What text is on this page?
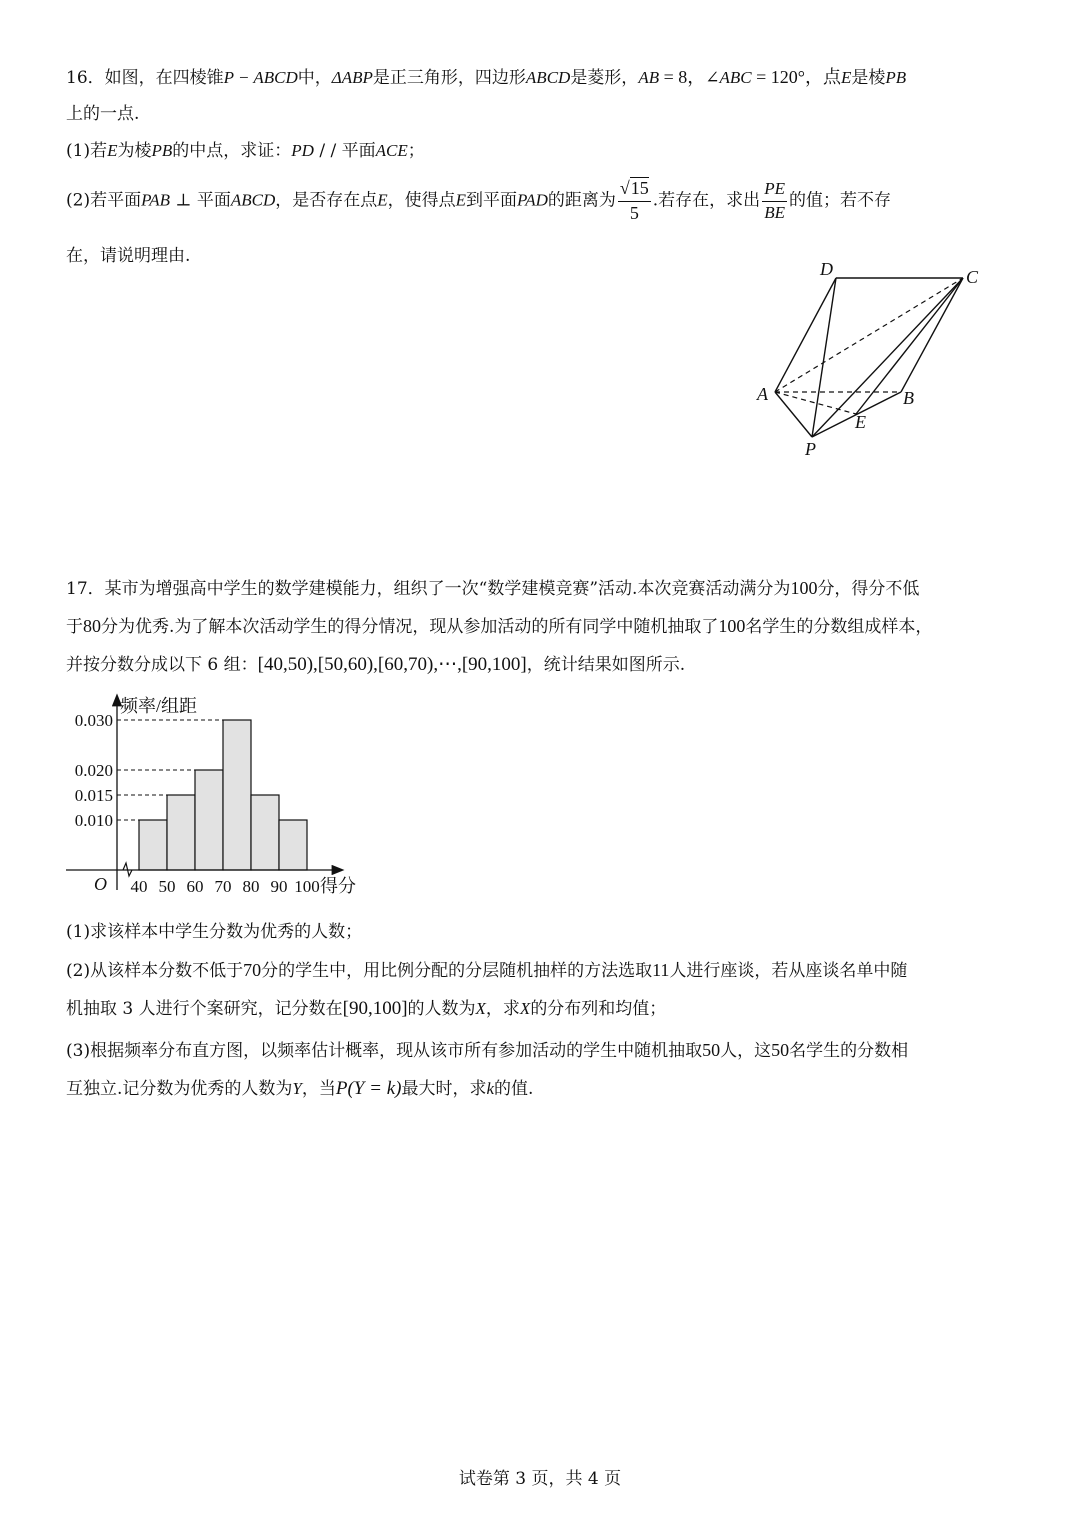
16．如图，在四棱锥P − ABCD中，ΔABP是正三角形，四边形ABCD是菱形，AB = 8，∠ABC = 120°，点E是棱PB
上的一点.
(1)若E为棱PB的中点，求证：PD / / 平面ACE；
(2)若平面PAB ⊥ 平面ABCD，是否存在点E，使得点E到平面PAD的距离为 $\frac{√15}{5}$ .若存在，求出 $\frac{PE}{BE}$ 的值；若不存
在，请说明理由.
D	C
A	B
E
P
17．某市为增强高中学生的数学建模能力，组织了一次“数学建模竞赛”活动.本次竞赛活动满分为100分，得分不低
于80分为优秀.为了解本次活动学生的得分情况，现从参加活动的所有同学中随机抽取了100名学生的分数组成样本，
并按分数分成以下 6 组：[40,50),[50,60),[60,70),⋯,[90,100]，统计结果如图所示.
0.030
0.020
0.015
0.010
频率/组距
O 40 50 60 70 80 90 100 得分
(1)求该样本中学生分数为优秀的人数；
(2)从该样本分数不低于70分的学生中，用比例分配的分层随机抽样的方法选取11人进行座谈，若从座谈名单中随
机抽取 3 人进行个案研究，记分数在[90,100]的人数为X，求X的分布列和均值；
(3)根据频率分布直方图，以频率估计概率，现从该市所有参加活动的学生中随机抽取50人，这50名学生的分数相
互独立.记分数为优秀的人数为Y，当P(Y = k)最大时，求k的值.
试卷第 3 页，共 4 页
